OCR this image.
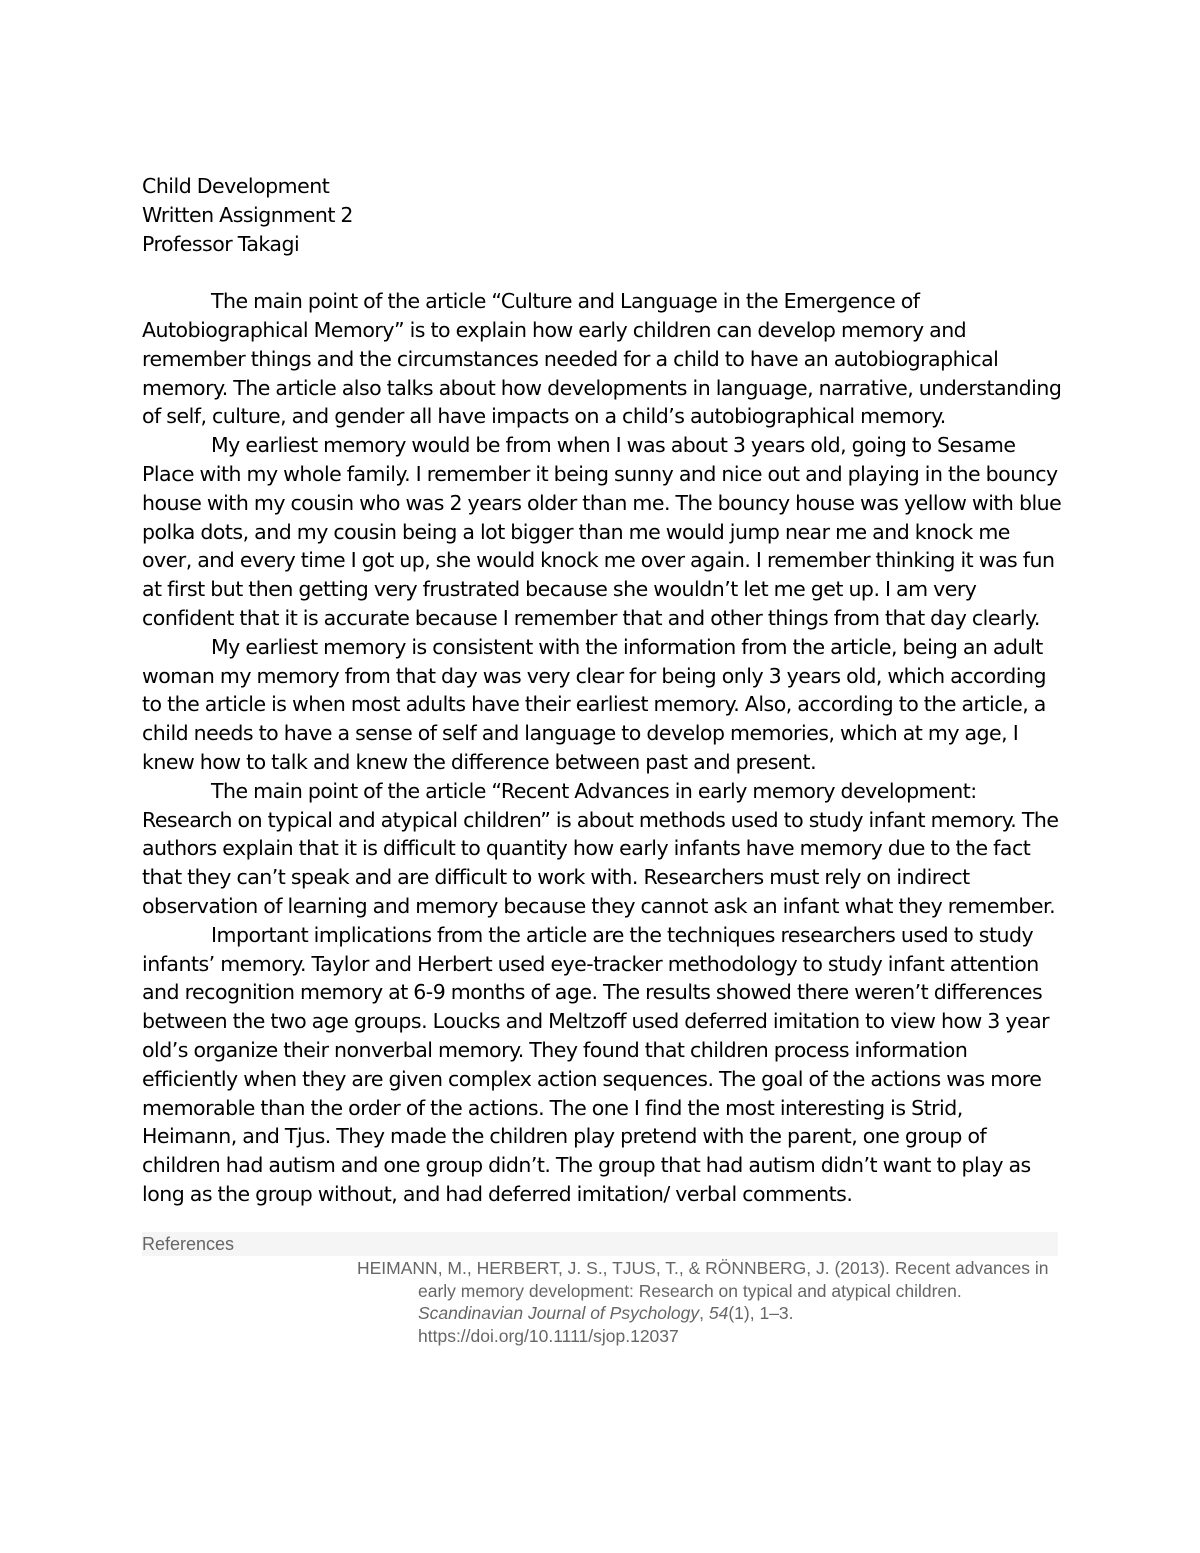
Child Development
Written Assignment 2
Professor Takagi

The main point of the article “Culture and Language in the Emergence of Autobiographical Memory” is to explain how early children can develop memory and remember things and the circumstances needed for a child to have an autobiographical memory. The article also talks about how developments in language, narrative, understanding of self, culture, and gender all have impacts on a child’s autobiographical memory.

My earliest memory would be from when I was about 3 years old, going to Sesame Place with my whole family. I remember it being sunny and nice out and playing in the bouncy house with my cousin who was 2 years older than me. The bouncy house was yellow with blue polka dots, and my cousin being a lot bigger than me would jump near me and knock me over, and every time I got up, she would knock me over again. I remember thinking it was fun at first but then getting very frustrated because she wouldn’t let me get up. I am very confident that it is accurate because I remember that and other things from that day clearly.

My earliest memory is consistent with the information from the article, being an adult woman my memory from that day was very clear for being only 3 years old, which according to the article is when most adults have their earliest memory. Also, according to the article, a child needs to have a sense of self and language to develop memories, which at my age, I knew how to talk and knew the difference between past and present.

The main point of the article “Recent Advances in early memory development: Research on typical and atypical children” is about methods used to study infant memory. The authors explain that it is difficult to quantity how early infants have memory due to the fact that they can’t speak and are difficult to work with. Researchers must rely on indirect observation of learning and memory because they cannot ask an infant what they remember.

Important implications from the article are the techniques researchers used to study infants’ memory. Taylor and Herbert used eye-tracker methodology to study infant attention and recognition memory at 6-9 months of age. The results showed there weren’t differences between the two age groups. Loucks and Meltzoff used deferred imitation to view how 3 year old’s organize their nonverbal memory. They found that children process information efficiently when they are given complex action sequences. The goal of the actions was more memorable than the order of the actions. The one I find the most interesting is Strid, Heimann, and Tjus. They made the children play pretend with the parent, one group of children had autism and one group didn’t. The group that had autism didn’t want to play as long as the group without, and had deferred imitation/ verbal comments.

References
HEIMANN, M., HERBERT, J. S., TJUS, T., & RÖNNBERG, J. (2013). Recent advances in early memory development: Research on typical and atypical children. Scandinavian Journal of Psychology, 54(1), 1–3. https://doi.org/10.1111/sjop.12037
